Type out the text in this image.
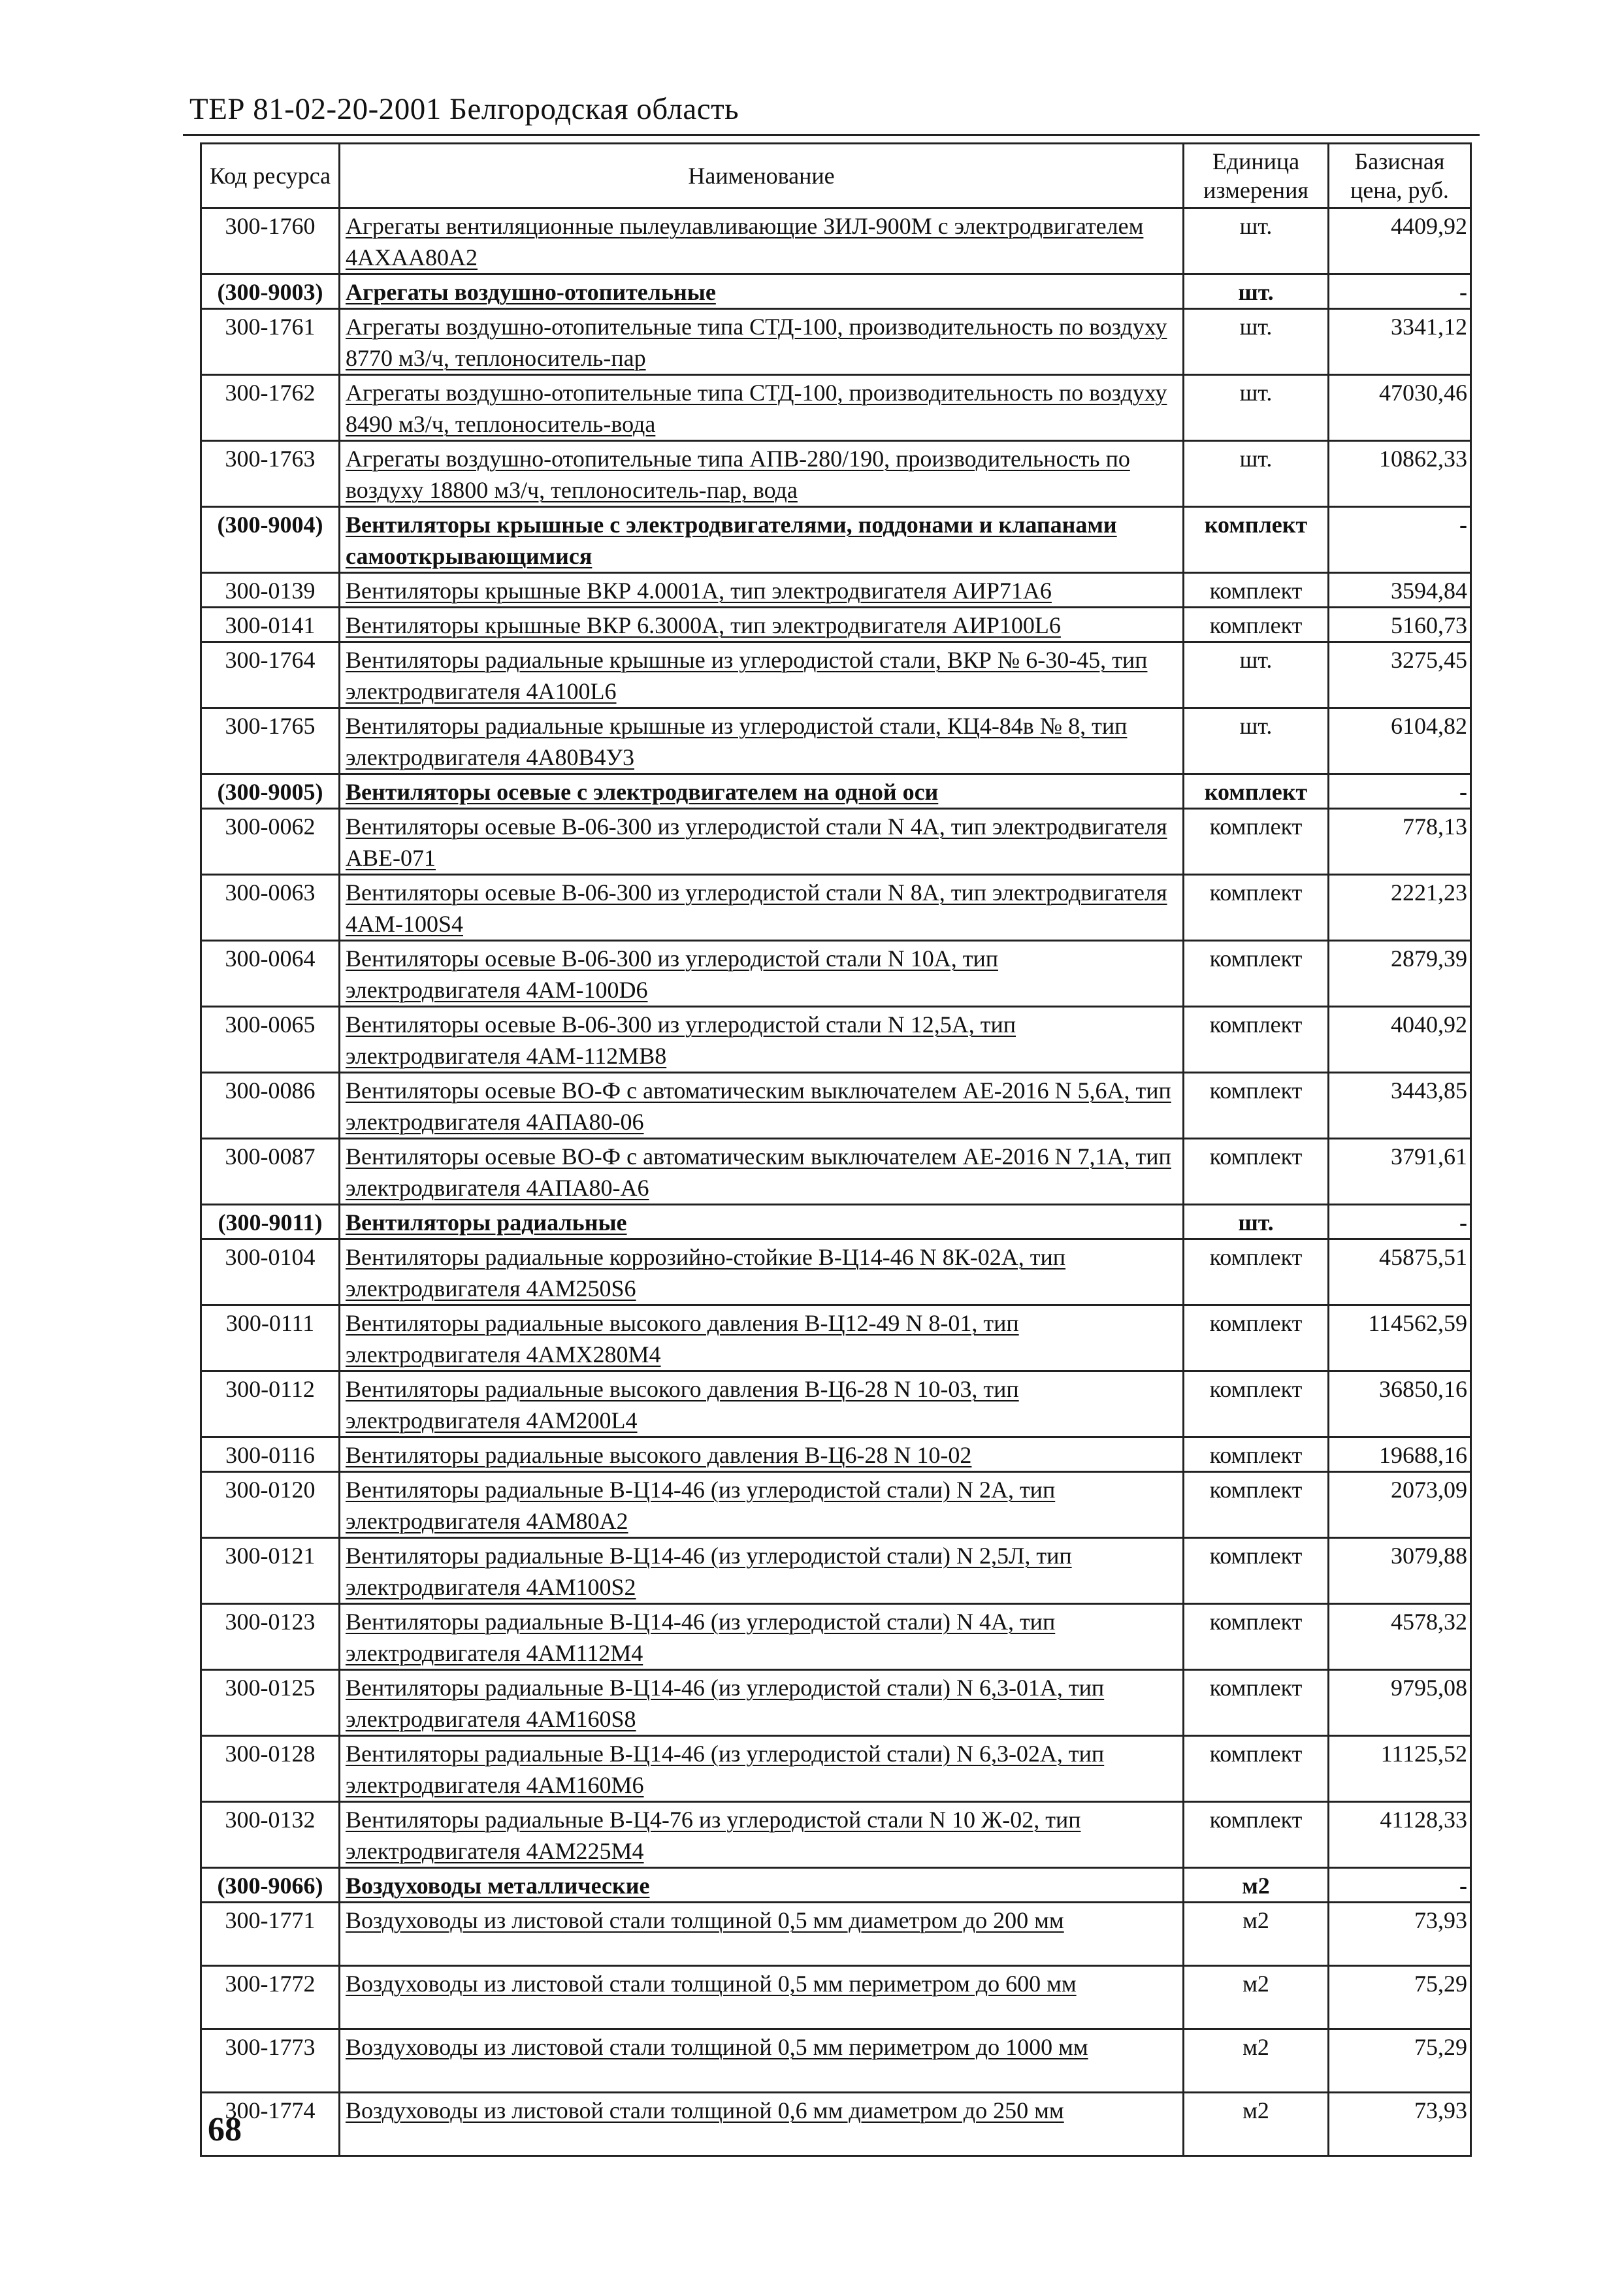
ТЕР 81-02-20-2001 Белгородская область
Код ресурса	Наименование	Единица измерения	Базисная цена, руб.
300-1760	Агрегаты вентиляционные пылеулавливающие ЗИЛ-900М с электродвигателем 4АХАА80А2	шт.	4409,92
(300-9003)	Агрегаты воздушно-отопительные	шт.	-
300-1761	Агрегаты воздушно-отопительные типа СТД-100, производительность по воздуху 8770 м3/ч, теплоноситель-пар	шт.	3341,12
300-1762	Агрегаты воздушно-отопительные типа СТД-100, производительность по воздуху 8490 м3/ч, теплоноситель-вода	шт.	47030,46
300-1763	Агрегаты воздушно-отопительные типа АПВ-280/190, производительность по воздуху 18800 м3/ч, теплоноситель-пар, вода	шт.	10862,33
(300-9004)	Вентиляторы крышные с электродвигателями, поддонами и клапанами самооткрывающимися	комплект	-
300-0139	Вентиляторы крышные ВКР 4.0001А, тип электродвигателя АИР71А6	комплект	3594,84
300-0141	Вентиляторы крышные ВКР 6.3000А, тип электродвигателя АИР100L6	комплект	5160,73
300-1764	Вентиляторы радиальные крышные из углеродистой стали, ВКР № 6-30-45, тип электродвигателя 4А100L6	шт.	3275,45
300-1765	Вентиляторы радиальные крышные из углеродистой стали, КЦ4-84в № 8, тип электродвигателя 4А80В4У3	шт.	6104,82
(300-9005)	Вентиляторы осевые с электродвигателем на одной оси	комплект	-
300-0062	Вентиляторы осевые В-06-300 из углеродистой стали N 4А, тип электродвигателя АВЕ-071	комплект	778,13
300-0063	Вентиляторы осевые В-06-300 из углеродистой стали N 8А, тип электродвигателя 4АМ-100S4	комплект	2221,23
300-0064	Вентиляторы осевые В-06-300 из углеродистой стали N 10А, тип электродвигателя 4АМ-100D6	комплект	2879,39
300-0065	Вентиляторы осевые В-06-300 из углеродистой стали N 12,5А, тип электродвигателя 4АМ-112МВ8	комплект	4040,92
300-0086	Вентиляторы осевые ВО-Ф с автоматическим выключателем АЕ-2016 N 5,6А, тип электродвигателя 4АПА80-06	комплект	3443,85
300-0087	Вентиляторы осевые ВО-Ф с автоматическим выключателем АЕ-2016 N 7,1А, тип электродвигателя 4АПА80-А6	комплект	3791,61
(300-9011)	Вентиляторы радиальные	шт.	-
300-0104	Вентиляторы радиальные коррозийно-стойкие В-Ц14-46 N 8К-02А, тип электродвигателя 4АМ250S6	комплект	45875,51
300-0111	Вентиляторы радиальные высокого давления В-Ц12-49 N 8-01, тип электродвигателя 4АМХ280М4	комплект	114562,59
300-0112	Вентиляторы радиальные высокого давления В-Ц6-28 N 10-03, тип электродвигателя 4АМ200L4	комплект	36850,16
300-0116	Вентиляторы радиальные высокого давления В-Ц6-28 N 10-02	комплект	19688,16
300-0120	Вентиляторы радиальные В-Ц14-46 (из углеродистой стали) N 2А, тип электродвигателя 4АМ80А2	комплект	2073,09
300-0121	Вентиляторы радиальные В-Ц14-46 (из углеродистой стали) N 2,5Л, тип электродвигателя 4АМ100S2	комплект	3079,88
300-0123	Вентиляторы радиальные В-Ц14-46 (из углеродистой стали) N 4А, тип электродвигателя 4АМ112М4	комплект	4578,32
300-0125	Вентиляторы радиальные В-Ц14-46 (из углеродистой стали) N 6,3-01А, тип электродвигателя 4АМ160S8	комплект	9795,08
300-0128	Вентиляторы радиальные В-Ц14-46 (из углеродистой стали) N 6,3-02А, тип электродвигателя 4АМ160М6	комплект	11125,52
300-0132	Вентиляторы радиальные В-Ц4-76 из углеродистой стали N 10 Ж-02, тип электродвигателя 4АМ225М4	комплект	41128,33
(300-9066)	Воздуховоды металлические	м2	-
300-1771	Воздуховоды из листовой стали толщиной 0,5 мм диаметром до 200 мм	м2	73,93
300-1772	Воздуховоды из листовой стали толщиной 0,5 мм периметром до 600 мм	м2	75,29
300-1773	Воздуховоды из листовой стали толщиной 0,5 мм периметром до 1000 мм	м2	75,29
300-1774	Воздуховоды из листовой стали толщиной 0,6 мм диаметром до 250 мм	м2	73,93
68
